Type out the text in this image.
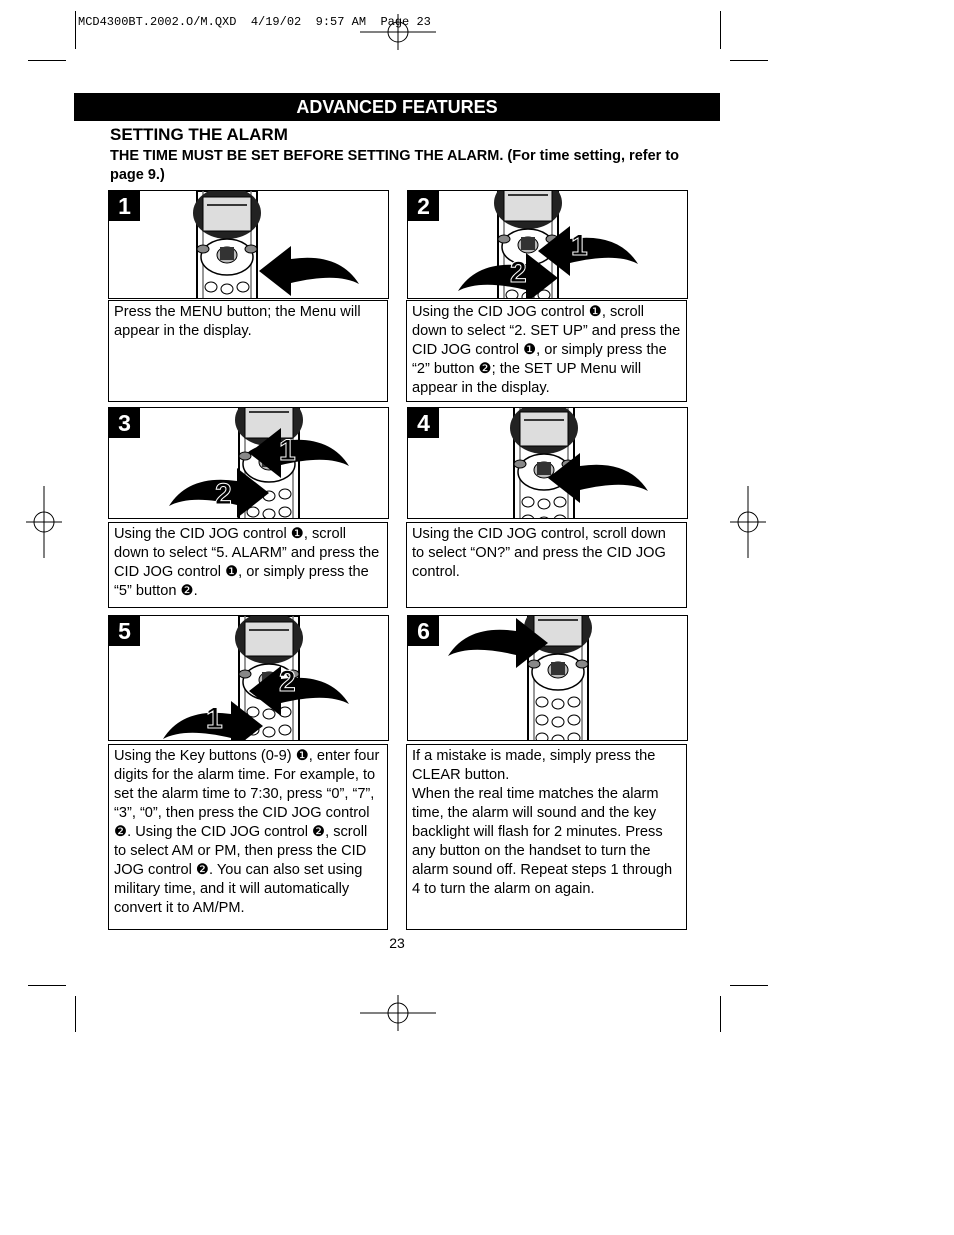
MCD4300BT.2002.O/M.QXD  4/19/02  9:57 AM  Page 23
ADVANCED FEATURES
SETTING THE ALARM
THE TIME MUST BE SET BEFORE SETTING THE ALARM. (For time setting, refer to page 9.)
1
Press the MENU button; the Menu will appear in the display.
1
2
2
Using the CID JOG control ❶, scroll down to select “2. SET UP” and press the CID JOG control ❶, or simply press the “2” button ❷; the SET UP Menu will appear in the display.
1
2
3
Using the CID JOG control ❶, scroll down to select “5. ALARM” and press the CID JOG control ❶, or simply press the “5” button ❷.
4
Using the CID JOG control, scroll down to select “ON?” and press the CID JOG control.
2
1
5
Using the Key buttons (0-9) ❶, enter four digits for the alarm time. For example, to set the alarm time to 7:30, press “0”, “7”, “3”, “0”, then press the CID JOG control ❷. Using the CID JOG control ❷, scroll to select AM or PM, then press the CID JOG control ❷. You can also set using military time, and it will automatically convert it to AM/PM.
6
If a mistake is made, simply press the CLEAR button.
When the real time matches the alarm time, the alarm will sound and the key backlight will flash for 2 minutes. Press any button on the handset to turn the alarm sound off. Repeat steps 1 through 4 to turn the alarm on again.
23
